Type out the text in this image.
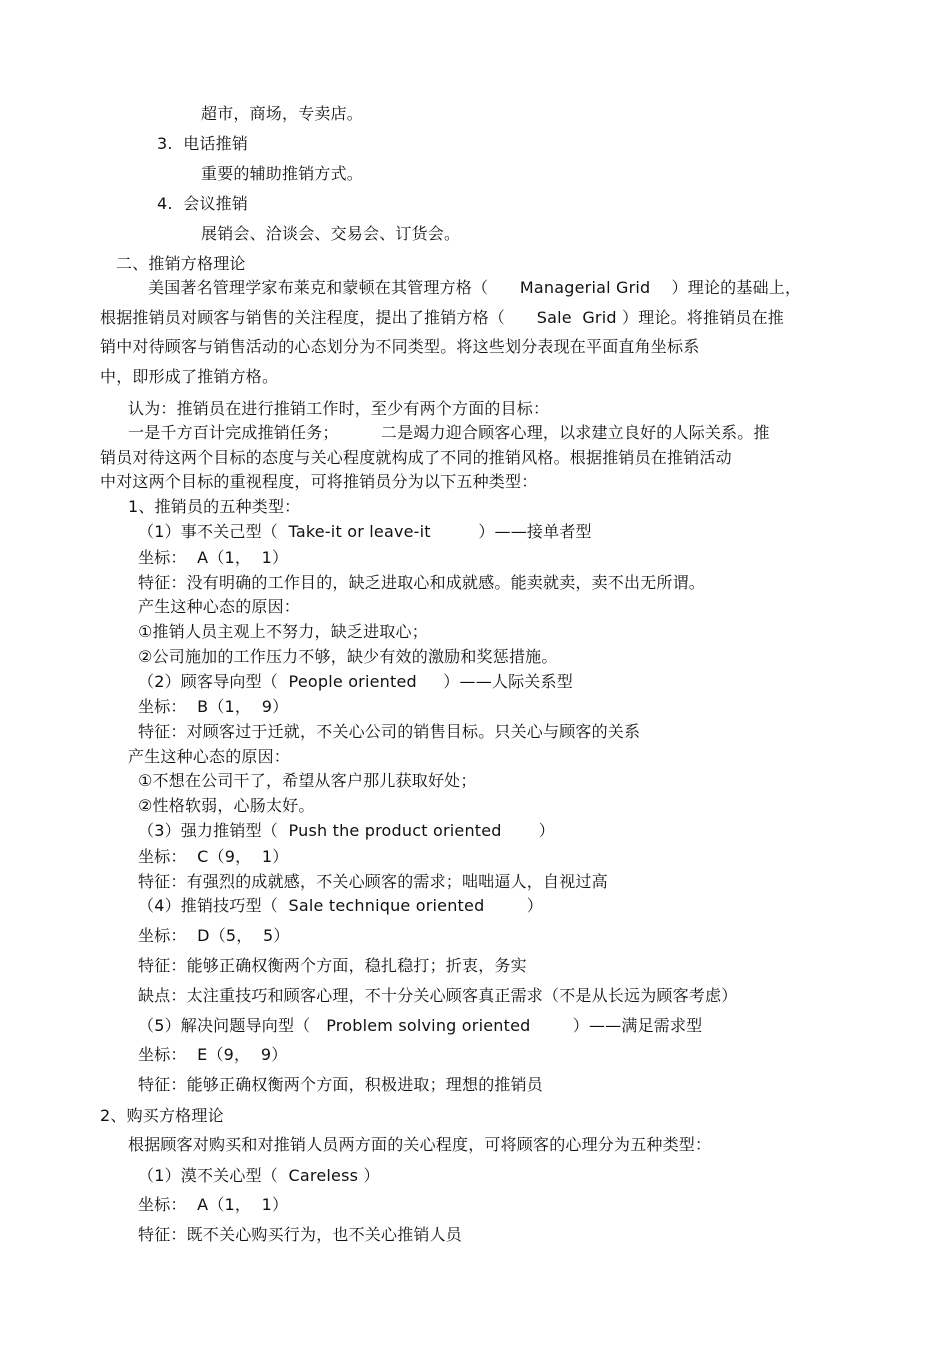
超市，商场，专卖店。
3.  电话推销
重要的辅助推销方式。
4.  会议推销
展销会、洽谈会、交易会、订货会。
二、推销方格理论
美国著名管理学家布莱克和蒙顿在其管理方格（      Managerial Grid    ）理论的基础上，
根据推销员对顾客与销售的关注程度，提出了推销方格（      Sale  Grid ）理论。将推销员在推
销中对待顾客与销售活动的心态划分为不同类型。将这些划分表现在平面直角坐标系
中，即形成了推销方格。
认为：推销员在进行推销工作时，至少有两个方面的目标：
一是千方百计完成推销任务；        二是竭力迎合顾客心理，以求建立良好的人际关系。推
销员对待这两个目标的态度与关心程度就构成了不同的推销风格。根据推销员在推销活动
中对这两个目标的重视程度，可将推销员分为以下五种类型：
1、推销员的五种类型：
（1）事不关己型（  Take-it or leave-it         ）——接单者型
坐标：  A（1，  1）
特征：没有明确的工作目的，缺乏进取心和成就感。能卖就卖，卖不出无所谓。
产生这种心态的原因：
①推销人员主观上不努力，缺乏进取心；
②公司施加的工作压力不够，缺少有效的激励和奖惩措施。
（2）顾客导向型（  People oriented     ）——人际关系型
坐标：  B（1，  9）
特征：对顾客过于迁就，不关心公司的销售目标。只关心与顾客的关系
产生这种心态的原因：
①不想在公司干了，希望从客户那儿获取好处；
②性格软弱，心肠太好。
（3）强力推销型（  Push the product oriented       ）
坐标：  C（9，  1）
特征：有强烈的成就感，不关心顾客的需求；咄咄逼人，自视过高
（4）推销技巧型（  Sale technique oriented        ）
坐标：  D（5，  5）
特征：能够正确权衡两个方面，稳扎稳打；折衷，务实
缺点：太注重技巧和顾客心理，不十分关心顾客真正需求（不是从长远为顾客考虑）
（5）解决问题导向型（   Problem solving oriented        ）——满足需求型
坐标：  E（9，  9）
特征：能够正确权衡两个方面，积极进取；理想的推销员
2、购买方格理论
根据顾客对购买和对推销人员两方面的关心程度，可将顾客的心理分为五种类型：
（1）漠不关心型（  Careless ）
坐标：  A（1，  1）
特征：既不关心购买行为，也不关心推销人员
